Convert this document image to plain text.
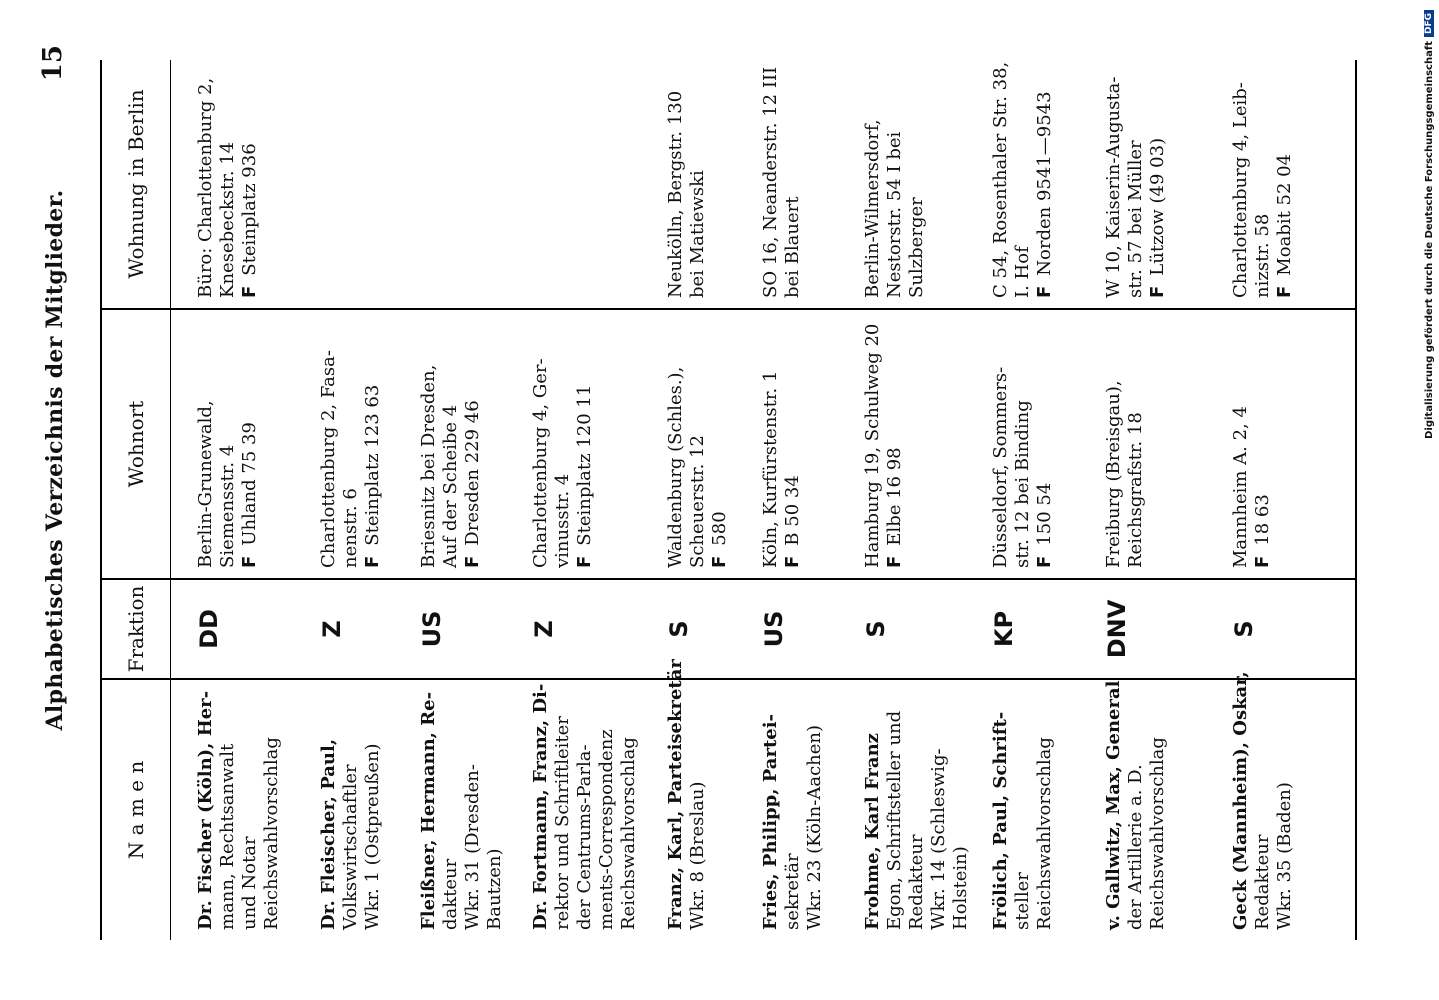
Alphabetisches Verzeichnis der Mitglieder.
15
N a m e n
Fraktion
Wohnort
Wohnung in Berlin
Dr. Fischer (Köln), Her- mann, Rechtsanwalt und Notar Reichswahlvorschlag
DD
Berlin-Grunewald, Siemensstr. 4 FUhland 75 39
Büro: Charlottenburg 2, Knesebeckstr. 14 FSteinplatz 936
Dr. Fleischer, Paul, Volkswirtschaftler Wkr. 1 (Ostpreußen)
Z
Charlottenburg 2, Fasa- nenstr. 6 FSteinplatz 123 63
Fleißner, Hermann, Re- dakteur Wkr. 31 (Dresden- Bautzen)
US
Briesnitz bei Dresden, Auf der Scheibe 4 FDresden 229 46
Dr. Fortmann, Franz, Di- rektor und Schriftleiter der Centrums-Parla- ments-Correspondenz Reichswahlvorschlag
Z
Charlottenburg 4, Ger- vinusstr. 4 FSteinplatz 120 11
Franz, Karl, Parteisekretär Wkr. 8 (Breslau)
S
Waldenburg (Schles.), Scheuerstr. 12 F580
Neukölln, Bergstr. 130 bei Matiewski
Fries, Philipp, Partei- sekretär Wkr. 23 (Köln-Aachen)
US
Köln, Kurfürstenstr. 1 FB 50 34
SO 16, Neanderstr. 12 III bei Blauert
Frohme, Karl Franz Egon, Schriftsteller und Redakteur Wkr. 14 (Schleswig- Holstein)
S
Hamburg 19, Schulweg 20 FElbe 16 98
Berlin-Wilmersdorf, Nestorstr. 54 I bei Sulzberger
Frölich, Paul, Schrift- steller Reichswahlvorschlag
KP
Düsseldorf, Sommers- str. 12 bei Binding F150 54
C 54, Rosenthaler Str. 38, I. Hof FNorden 9541—9543
v. Gallwitz, Max, General der Artillerie a. D. Reichswahlvorschlag
DNV
Freiburg (Breisgau), Reichsgrafstr. 18
W 10, Kaiserin-Augusta- str. 57 bei Müller FLützow (49 03)
Geck (Mannheim), Oskar, Redakteur Wkr. 35 (Baden)
S
Mannheim A. 2, 4 F18 63
Charlottenburg 4, Leib- nizstr. 58 FMoabit 52 04	Digitalisierung gefördert durch die Deutsche Forschungsgemeinschaft
DFG
